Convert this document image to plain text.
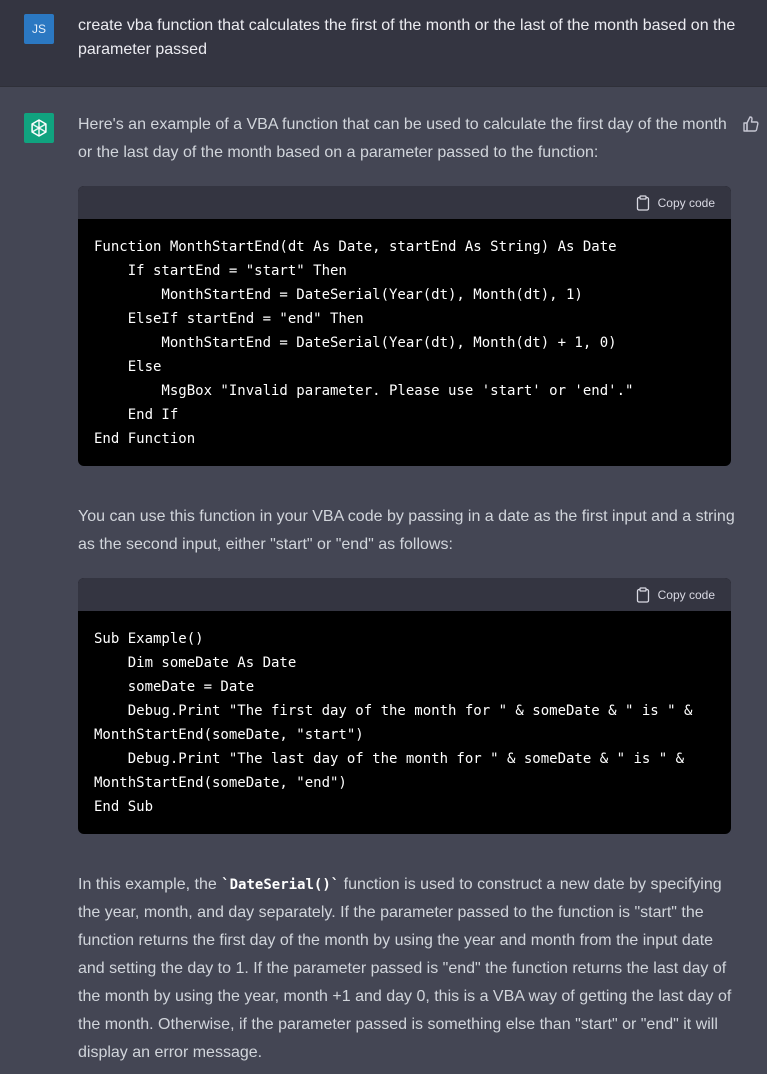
JS	create vba function that calculates the first of the month or the last of the month based on the parameter passed
Here's an example of a VBA function that can be used to calculate the first day of the month or the last day of the month based on a parameter passed to the function:
Copy code
Function MonthStartEnd(dt As Date, startEnd As String) As Date
If startEnd = "start" Then
MonthStartEnd = DateSerial(Year(dt), Month(dt), 1)
ElseIf startEnd = "end" Then
MonthStartEnd = DateSerial(Year(dt), Month(dt) + 1, 0)
Else
MsgBox "Invalid parameter. Please use 'start' or 'end'."
End If
End Function
You can use this function in your VBA code by passing in a date as the first input and a string as the second input, either "start" or "end" as follows:
Copy code
Sub Example()
Dim someDate As Date
someDate = Date
Debug.Print "The first day of the month for " & someDate & " is " &
MonthStartEnd(someDate, "start")
Debug.Print "The last day of the month for " & someDate & " is " &
MonthStartEnd(someDate, "end")
End Sub
In this example, the `DateSerial()` function is used to construct a new date by specifying the year, month, and day separately. If the parameter passed to the function is "start" the function returns the first day of the month by using the year and month from the input date and setting the day to 1. If the parameter passed is "end" the function returns the last day of the month by using the year, month +1 and day 0, this is a VBA way of getting the last day of the month. Otherwise, if the parameter passed is something else than "start" or "end" it will display an error message.
